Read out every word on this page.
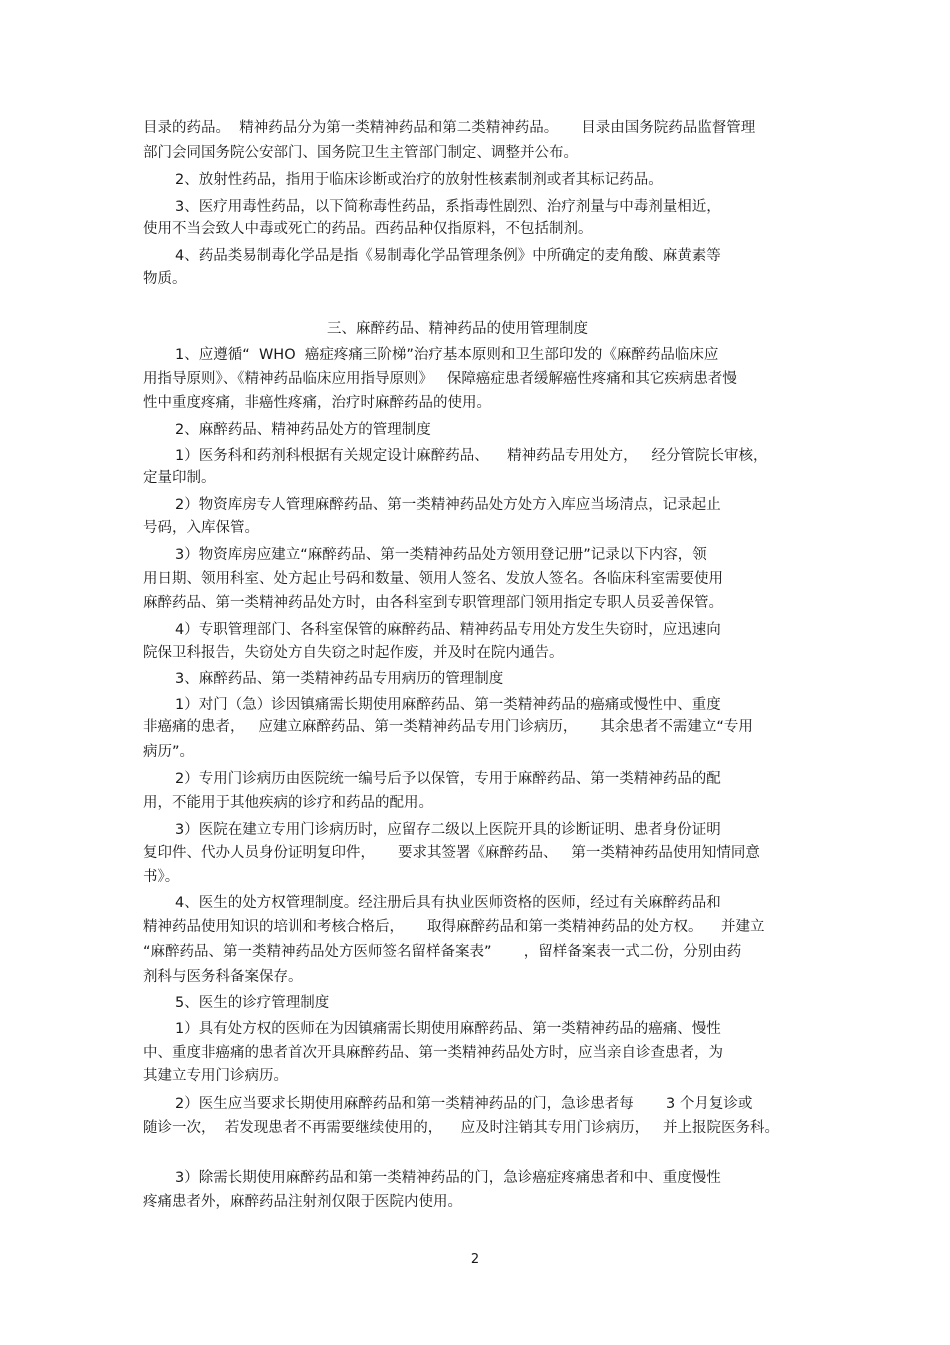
目录的药品。  精神药品分为第一类精神药品和第二类精神药品。     目录由国务院药品监督管理
部门会同国务院公安部门、国务院卫生主管部门制定、调整并公布。
2、放射性药品，指用于临床诊断或治疗的放射性核素制剂或者其标记药品。
3、医疗用毒性药品，以下简称毒性药品，系指毒性剧烈、治疗剂量与中毒剂量相近，
使用不当会致人中毒或死亡的药品。西药品种仅指原料，不包括制剂。
4、药品类易制毒化学品是指《易制毒化学品管理条例》中所确定的麦角酸、麻黄素等
物质。
三、麻醉药品、精神药品的使用管理制度
1、应遵循“  WHO  癌症疼痛三阶梯”治疗基本原则和卫生部印发的《麻醉药品临床应
用指导原则》、《精神药品临床应用指导原则》   保障癌症患者缓解癌性疼痛和其它疾病患者慢
性中重度疼痛，非癌性疼痛，治疗时麻醉药品的使用。
2、麻醉药品、精神药品处方的管理制度
1）医务科和药剂科根据有关规定设计麻醉药品、    精神药品专用处方，   经分管院长审核，
定量印制。
2）物资库房专人管理麻醉药品、第一类精神药品处方处方入库应当场清点，记录起止
号码，入库保管。
3）物资库房应建立“麻醉药品、第一类精神药品处方领用登记册”记录以下内容，领
用日期、领用科室、处方起止号码和数量、领用人签名、发放人签名。各临床科室需要使用
麻醉药品、第一类精神药品处方时，由各科室到专职管理部门领用指定专职人员妥善保管。
4）专职管理部门、各科室保管的麻醉药品、精神药品专用处方发生失窃时，应迅速向
院保卫科报告，失窃处方自失窃之时起作废，并及时在院内通告。
3、麻醉药品、第一类精神药品专用病历的管理制度
1）对门（急）诊因镇痛需长期使用麻醉药品、第一类精神药品的癌痛或慢性中、重度
非癌痛的患者，   应建立麻醉药品、第一类精神药品专用门诊病历，     其余患者不需建立“专用
病历”。
2）专用门诊病历由医院统一编号后予以保管，专用于麻醉药品、第一类精神药品的配
用，不能用于其他疾病的诊疗和药品的配用。
3）医院在建立专用门诊病历时，应留存二级以上医院开具的诊断证明、患者身份证明
复印件、代办人员身份证明复印件，     要求其签署《麻醉药品、   第一类精神药品使用知情同意
书》。
4、医生的处方权管理制度。经注册后具有执业医师资格的医师，经过有关麻醉药品和
精神药品使用知识的培训和考核合格后，     取得麻醉药品和第一类精神药品的处方权。    并建立
“麻醉药品、第一类精神药品处方医师签名留样备案表”       ，留样备案表一式二份，分别由药
剂科与医务科备案保存。
5、医生的诊疗管理制度
1）具有处方权的医师在为因镇痛需长期使用麻醉药品、第一类精神药品的癌痛、慢性
中、重度非癌痛的患者首次开具麻醉药品、第一类精神药品处方时，应当亲自诊查患者，为
其建立专用门诊病历。
2）医生应当要求长期使用麻醉药品和第一类精神药品的门，急诊患者每       3 个月复诊或
随诊一次，  若发现患者不再需要继续使用的，    应及时注销其专用门诊病历，   并上报院医务科。
3）除需长期使用麻醉药品和第一类精神药品的门，急诊癌症疼痛患者和中、重度慢性
疼痛患者外，麻醉药品注射剂仅限于医院内使用。
2
